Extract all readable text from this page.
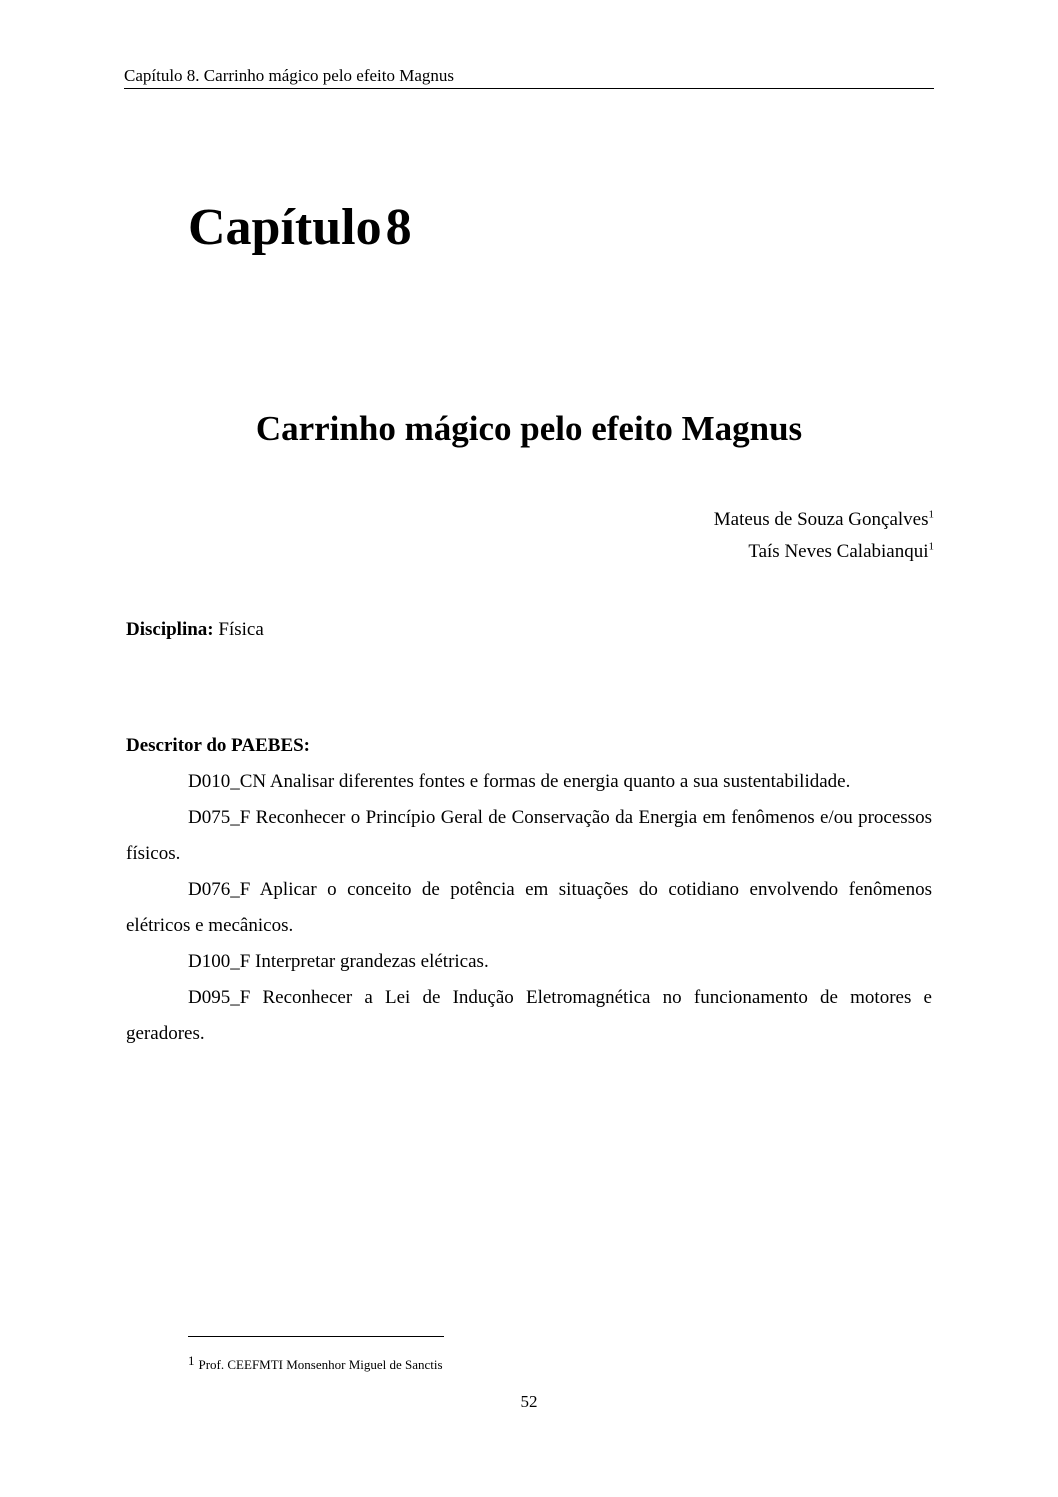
Capítulo 8. Carrinho mágico pelo efeito Magnus
Capítulo8
Carrinho mágico pelo efeito Magnus
Mateus de Souza Gonçalves$^1$
Taís Neves Calabianqui$^1$
Disciplina: Física
Descritor do PAEBES:

D010_CN Analisar diferentes fontes e formas de energia quanto a sua sustentabilidade.

D075_F Reconhecer o Princípio Geral de Conservação da Energia em fenômenos e/ou processos físicos.

D076_F Aplicar o conceito de potência em situações do cotidiano envolvendo fenômenos elétricos e mecânicos.

D100_F Interpretar grandezas elétricas.

D095_F Reconhecer a Lei de Indução Eletromagnética no funcionamento de motores e geradores.

1 Prof. CEEFMTI Monsenhor Miguel de Sanctis
52
